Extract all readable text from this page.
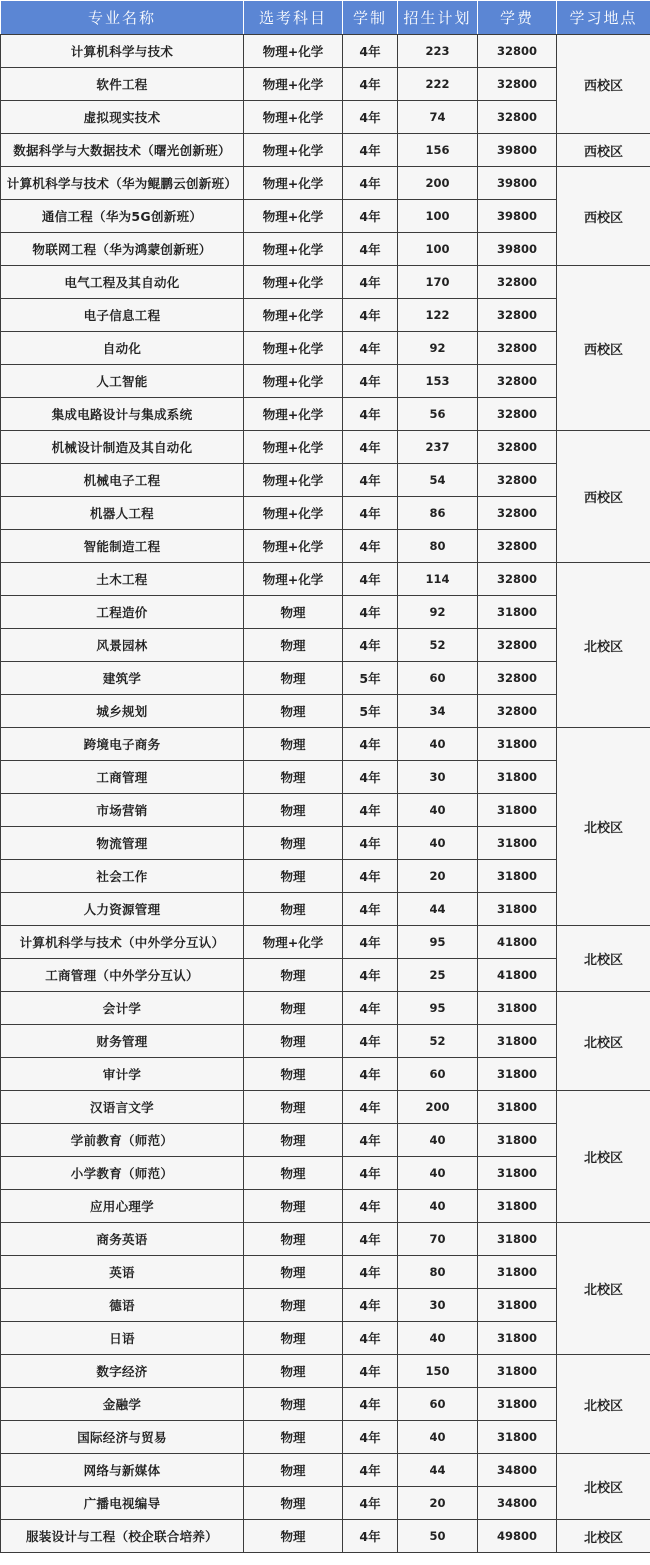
专业名称	选考科目	学制	招生计划	学费	学习地点
计算机科学与技术	物理+化学	4年	223	32800	西校区
软件工程	物理+化学	4年	222	32800	
虚拟现实技术	物理+化学	4年	74	32800	
数据科学与大数据技术（曙光创新班）	物理+化学	4年	156	39800	西校区
计算机科学与技术（华为鲲鹏云创新班）	物理+化学	4年	200	39800	西校区
通信工程（华为5G创新班）	物理+化学	4年	100	39800	
物联网工程（华为鸿蒙创新班）	物理+化学	4年	100	39800	
电气工程及其自动化	物理+化学	4年	170	32800	西校区
电子信息工程	物理+化学	4年	122	32800	
自动化	物理+化学	4年	92	32800	
人工智能	物理+化学	4年	153	32800	
集成电路设计与集成系统	物理+化学	4年	56	32800	
机械设计制造及其自动化	物理+化学	4年	237	32800	西校区
机械电子工程	物理+化学	4年	54	32800	
机器人工程	物理+化学	4年	86	32800	
智能制造工程	物理+化学	4年	80	32800	
土木工程	物理+化学	4年	114	32800	北校区
工程造价	物理	4年	92	31800	
风景园林	物理	4年	52	32800	
建筑学	物理	5年	60	32800	
城乡规划	物理	5年	34	32800	
跨境电子商务	物理	4年	40	31800	北校区
工商管理	物理	4年	30	31800	
市场营销	物理	4年	40	31800	
物流管理	物理	4年	40	31800	
社会工作	物理	4年	20	31800	
人力资源管理	物理	4年	44	31800	
计算机科学与技术（中外学分互认）	物理+化学	4年	95	41800	北校区
工商管理（中外学分互认）	物理	4年	25	41800	
会计学	物理	4年	95	31800	北校区
财务管理	物理	4年	52	31800	
审计学	物理	4年	60	31800	
汉语言文学	物理	4年	200	31800	北校区
学前教育（师范）	物理	4年	40	31800	
小学教育（师范）	物理	4年	40	31800	
应用心理学	物理	4年	40	31800	
商务英语	物理	4年	70	31800	北校区
英语	物理	4年	80	31800	
德语	物理	4年	30	31800	
日语	物理	4年	40	31800	
数字经济	物理	4年	150	31800	北校区
金融学	物理	4年	60	31800	
国际经济与贸易	物理	4年	40	31800	
网络与新媒体	物理	4年	44	34800	北校区
广播电视编导	物理	4年	20	34800	
服装设计与工程（校企联合培养）	物理	4年	50	49800	北校区
